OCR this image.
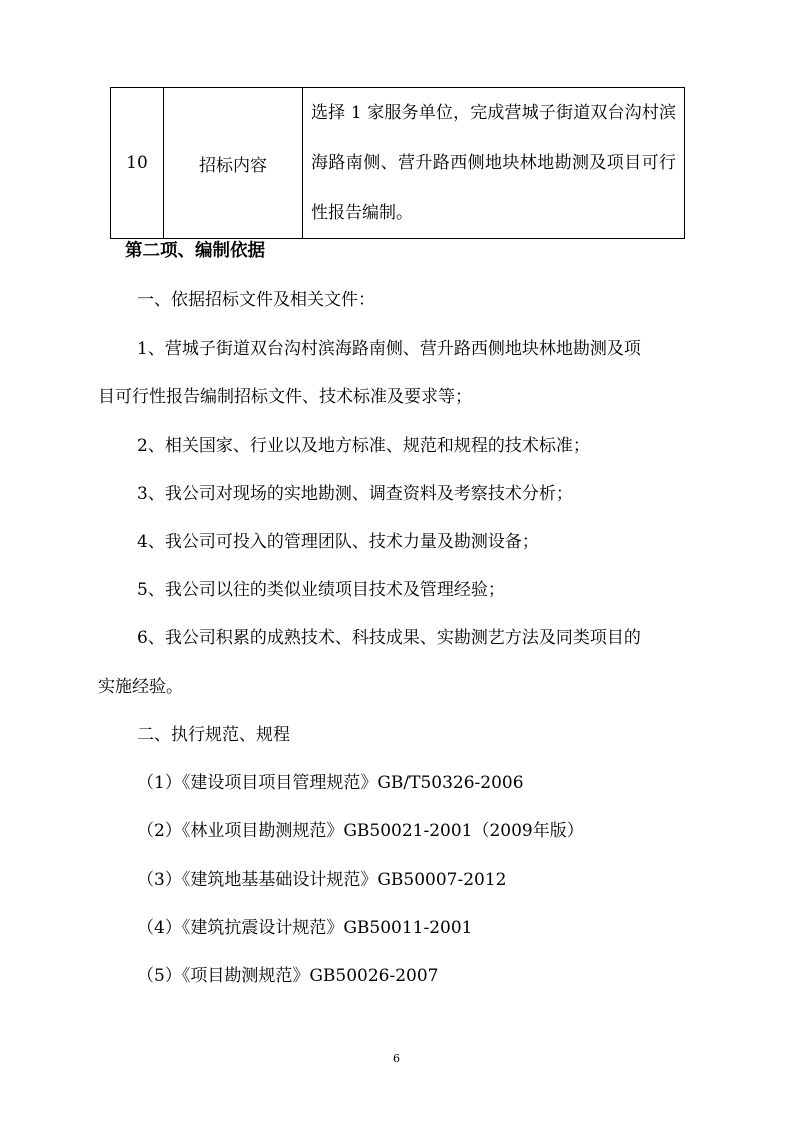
10	招标内容	选择 1 家服务单位，完成营城子街道双台沟村滨海路南侧、营升路西侧地块林地勘测及项目可行性报告编制。
第二项、编制依据
一、依据招标文件及相关文件：
1、营城子街道双台沟村滨海路南侧、营升路西侧地块林地勘测及项
目可行性报告编制招标文件、技术标准及要求等；
2、相关国家、行业以及地方标准、规范和规程的技术标准；
3、我公司对现场的实地勘测、调查资料及考察技术分析；
4、我公司可投入的管理团队、技术力量及勘测设备；
5、我公司以往的类似业绩项目技术及管理经验；
6、我公司积累的成熟技术、科技成果、实勘测艺方法及同类项目的
实施经验。
二、执行规范、规程
（1）《建设项目项目管理规范》GB/T50326-2006
（2）《林业项目勘测规范》GB50021-2001（2009年版）
（3）《建筑地基基础设计规范》GB50007-2012
（4）《建筑抗震设计规范》GB50011-2001
（5）《项目勘测规范》GB50026-2007
6
